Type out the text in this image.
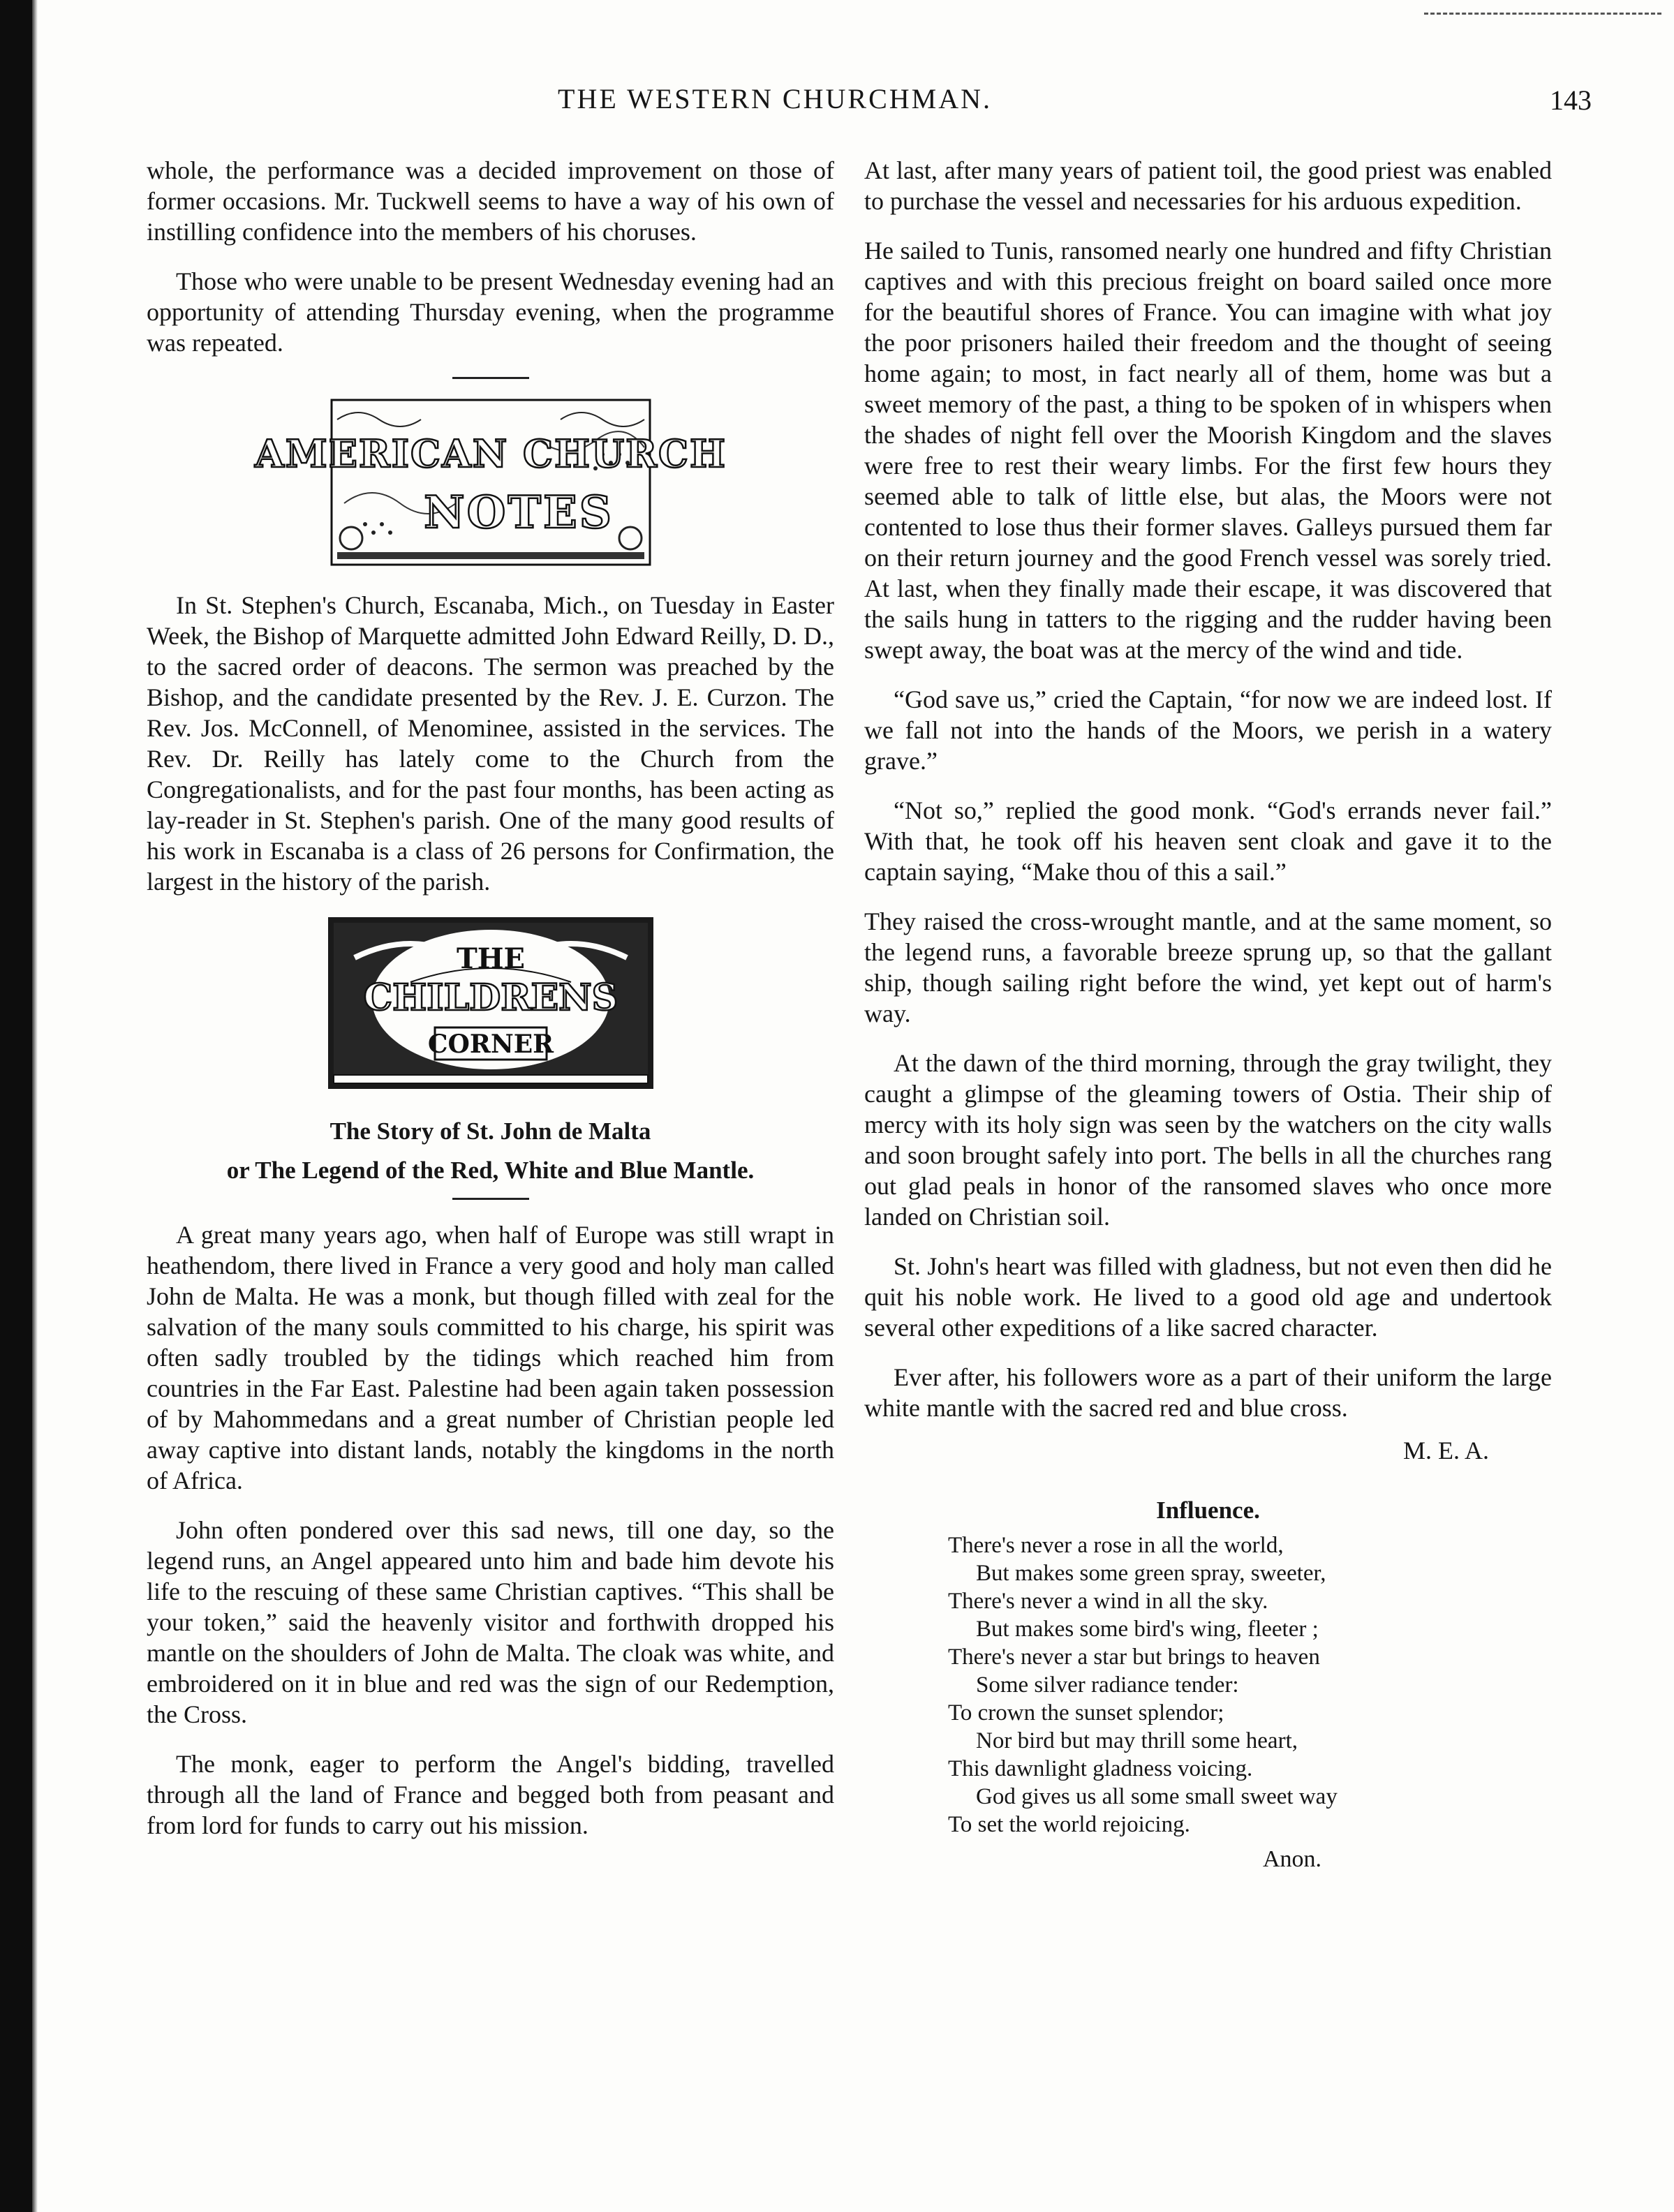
THE WESTERN CHURCHMAN.	143

whole, the performance was a decided improvement on those of former occasions. Mr. Tuckwell seems to have a way of his own of instilling confidence into the members of his choruses.

Those who were unable to be present Wednesday evening had an opportunity of attending Thursday evening, when the programme was repeated.

AMERICAN CHURCH
NOTES

In St. Stephen's Church, Escanaba, Mich., on Tuesday in Easter Week, the Bishop of Marquette admitted John Edward Reilly, D. D., to the sacred order of deacons. The sermon was preached by the Bishop, and the candidate presented by the Rev. J. E. Curzon. The Rev. Jos. McConnell, of Menominee, assisted in the services. The Rev. Dr. Reilly has lately come to the Church from the Congregationalists, and for the past four months, has been acting as lay-reader in St. Stephen's parish. One of the many good results of his work in Escanaba is a class of 26 persons for Confirmation, the largest in the history of the parish.

THE
CHILDRENS
CORNER
The Story of St. John de Malta
or The Legend of the Red, White and Blue Mantle.

A great many years ago, when half of Europe was still wrapt in heathendom, there lived in France a very good and holy man called John de Malta. He was a monk, but though filled with zeal for the salvation of the many souls committed to his charge, his spirit was often sadly troubled by the tidings which reached him from countries in the Far East. Palestine had been again taken possession of by Mahommedans and a great number of Christian people led away captive into distant lands, notably the kingdoms in the north of Africa.

John often pondered over this sad news, till one day, so the legend runs, an Angel appeared unto him and bade him devote his life to the rescuing of these same Christian captives. “This shall be your token,” said the heavenly visitor and forthwith dropped his mantle on the shoulders of John de Malta. The cloak was white, and embroidered on it in blue and red was the sign of our Redemption, the Cross.

The monk, eager to perform the Angel's bidding, travelled through all the land of France and begged both from peasant and from lord for funds to carry out his mission.

At last, after many years of patient toil, the good priest was enabled to purchase the vessel and necessaries for his arduous expedition.

He sailed to Tunis, ransomed nearly one hundred and fifty Christian captives and with this precious freight on board sailed once more for the beautiful shores of France. You can imagine with what joy the poor prisoners hailed their freedom and the thought of seeing home again; to most, in fact nearly all of them, home was but a sweet memory of the past, a thing to be spoken of in whispers when the shades of night fell over the Moorish Kingdom and the slaves were free to rest their weary limbs. For the first few hours they seemed able to talk of little else, but alas, the Moors were not contented to lose thus their former slaves. Galleys pursued them far on their return journey and the good French vessel was sorely tried. At last, when they finally made their escape, it was discovered that the sails hung in tatters to the rigging and the rudder having been swept away, the boat was at the mercy of the wind and tide.

“God save us,” cried the Captain, “for now we are indeed lost. If we fall not into the hands of the Moors, we perish in a watery grave.”

“Not so,” replied the good monk. “God's errands never fail.” With that, he took off his heaven sent cloak and gave it to the captain saying, “Make thou of this a sail.”

They raised the cross-wrought mantle, and at the same moment, so the legend runs, a favorable breeze sprung up, so that the gallant ship, though sailing right before the wind, yet kept out of harm's way.

At the dawn of the third morning, through the gray twilight, they caught a glimpse of the gleaming towers of Ostia. Their ship of mercy with its holy sign was seen by the watchers on the city walls and soon brought safely into port. The bells in all the churches rang out glad peals in honor of the ransomed slaves who once more landed on Christian soil.

St. John's heart was filled with gladness, but not even then did he quit his noble work. He lived to a good old age and undertook several other expeditions of a like sacred character.

Ever after, his followers wore as a part of their uniform the large white mantle with the sacred red and blue cross.

M. E. A.
Influence.
There's never a rose in all the world,
But makes some green spray, sweeter,
There's never a wind in all the sky.
But makes some bird's wing, fleeter ;
There's never a star but brings to heaven
Some silver radiance tender:
To crown the sunset splendor;
Nor bird but may thrill some heart,
This dawnlight gladness voicing.
God gives us all some small sweet way
To set the world rejoicing.
Anon.
